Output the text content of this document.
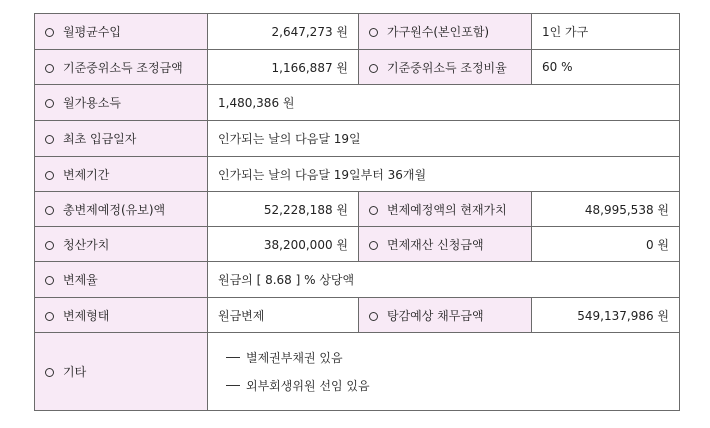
월평균수입	2,647,273 원	가구원수(본인포함)	1인 가구
기준중위소득 조정금액	1,166,887 원	기준중위소득 조정비율	60 %
월가용소득	1,480,386 원		
최초 입금일자	인가되는 날의 다음달 19일		
변제기간	인가되는 날의 다음달 19일부터 36개월		
총변제예정(유보)액	52,228,188 원	변제예정액의 현재가치	48,995,538 원
청산가치	38,200,000 원	면제재산 신청금액	0 원
변제율	원금의 [ 8.68 ] % 상당액		
변제형태	원금변제	탕감예상 채무금액	549,137,986 원
기타	별제권부채권 있음
외부회생위원 선임 있음		
